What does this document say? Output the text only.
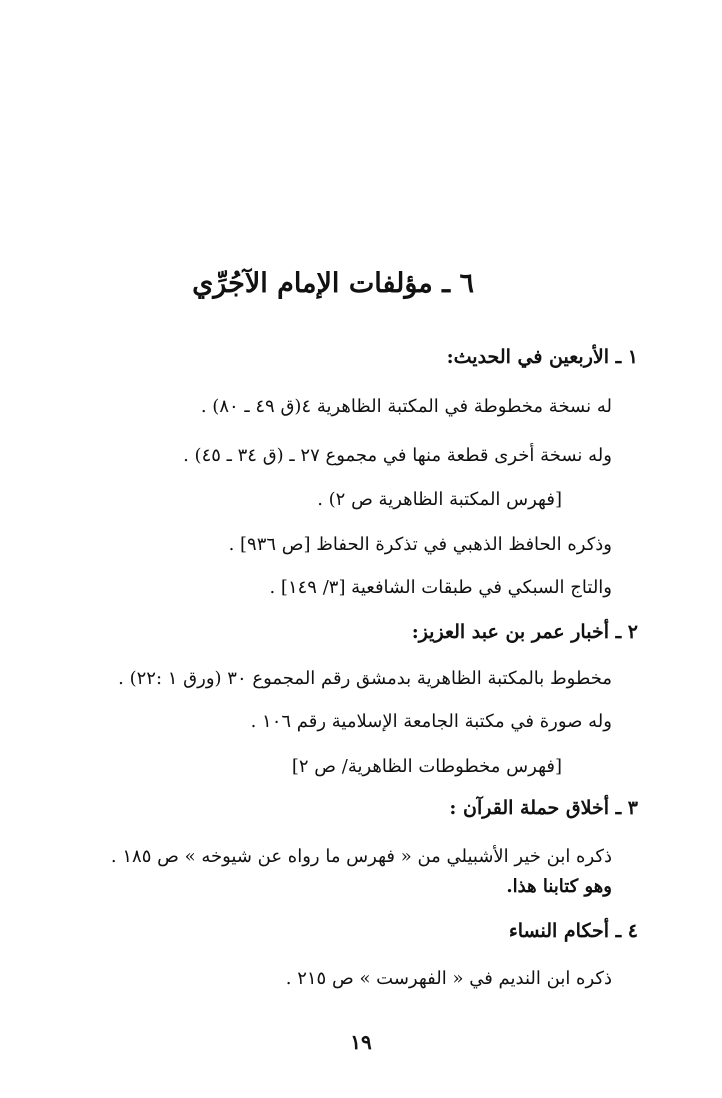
٦ ـ مؤلفات الإمام الآجُرِّي
١ ـ الأربعين في الحديث:
له نسخة مخطوطة في المكتبة الظاهرية ٤(ق ٤٩ ـ ٨٠) .
وله نسخة أخرى قطعة منها في مجموع ٢٧ ـ (ق ٣٤ ـ ٤٥) .
[فهرس المكتبة الظاهرية ص ٢) .
وذكره الحافظ الذهبي في تذكرة الحفاظ [ص ٩٣٦] .
والتاج السبكي في طبقات الشافعية [٣/ ١٤٩] .
٢ ـ أخبار عمر بن عبد العزيز:
مخطوط بالمكتبة الظاهرية بدمشق رقم المجموع ٣٠ (ورق ١ :٢٢) .
وله صورة في مكتبة الجامعة الإسلامية رقم ١٠٦ .
[فهرس مخطوطات الظاهرية/ ص ٢]
٣ ـ أخلاق حملة القرآن :
ذكره ابن خير الأشبيلي من « فهرس ما رواه عن شيوخه » ص ١٨٥ .
وهو كتابنا هذا.
٤ ـ أحكام النساء
ذكره ابن النديم في « الفهرست » ص ٢١٥ .
١٩
